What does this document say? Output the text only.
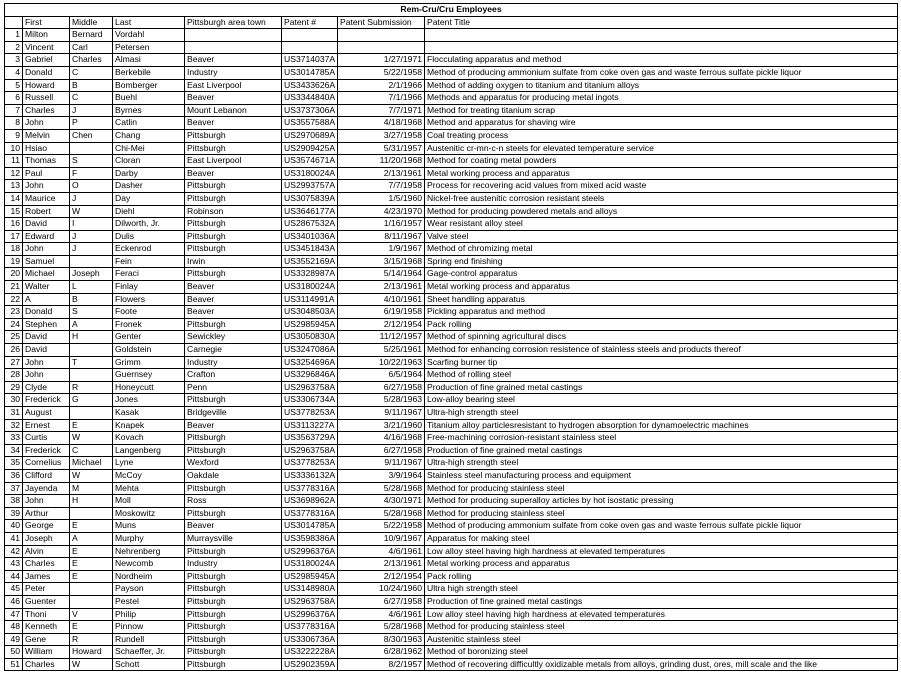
Rem-Cru/Cru Employees							
	First	Middle	Last	Pittsburgh area town	Patent #	Patent Submission	Patent Title
1	Milton	Bernard	Vordahl				
2	Vincent	Carl	Petersen				
3	Gabriel	Charles	Almasi	Beaver	US3714037A	1/27/1971	Flocculating apparatus and method
4	Donald	C	Berkebile	Industry	US3014785A	5/22/1958	Method of producing ammonium sulfate from coke oven gas and waste ferrous sulfate pickle liquor
5	Howard	B	Bomberger	East Liverpool	US3433626A	2/1/1966	Method of adding oxygen to titanium and titanium alloys
6	Russell	C	Buehl	Beaver	US3344840A	7/1/1966	Methods and apparatus for producing metal ingots
7	Charles	J	Byrnes	Mount Lebanon	US3737306A	7/7/1971	Method for treating titanium scrap
8	John	P	Catlin	Beaver	US3557588A	4/18/1968	Method and apparatus for shaving wire
9	Melvin	Chen	Chang	Pittsburgh	US2970689A	3/27/1958	Coal treating process
10	Hsiao		Chi-Mei	Pittsburgh	US2909425A	5/31/1957	Austenitic cr-mn-c-n steels for elevated temperature service
11	Thomas	S	Cloran	East Liverpool	US3574671A	11/20/1968	Method for coating metal powders
12	Paul	F	Darby	Beaver	US3180024A	2/13/1961	Metal working process and apparatus
13	John	O	Dasher	Pittsburgh	US2993757A	7/7/1958	Process for recovering acid values from mixed acid waste
14	Maurice	J	Day	Pittsburgh	US3075839A	1/5/1960	Nickel-free austenitic corrosion resistant steels
15	Robert	W	Diehl	Robinson	US3646177A	4/23/1970	Method for producing powdered metals and alloys
16	David	I	Dilworth, Jr.	Pittsburgh	US2867532A	1/16/1957	Wear resistant alloy steel
17	Edward	J	Dulis	Pittsburgh	US3401036A	8/11/1967	Valve steel
18	John	J	Eckenrod	Pittsburgh	US3451843A	1/9/1967	Method of chromizing metal
19	Samuel		Fein	Irwin	US3552169A	3/15/1968	Spring end finishing
20	Michael	Joseph	Feraci	Pittsburgh	US3328987A	5/14/1964	Gage-control apparatus
21	Walter	L	Finlay	Beaver	US3180024A	2/13/1961	Metal working process and apparatus
22	A	B	Flowers	Beaver	US3114991A	4/10/1961	Sheet handling apparatus
23	Donald	S	Foote	Beaver	US3048503A	6/19/1958	Pickling apparatus and method
24	Stephen	A	Fronek	Pittsburgh	US2985945A	2/12/1954	Pack rolling
25	David	H	Genter	Sewickley	US3050830A	11/12/1957	Method of spinning agricultural discs
26	David		Goldstein	Carnegie	US3247086A	5/25/1961	Method for enhancing corrosion resistence of stainless steels and products thereof
27	John	T	Grimm	Industry	US3254696A	10/22/1963	Scarfing burner tip
28	John		Guernsey	Crafton	US3296846A	6/5/1964	Method of rolling steel
29	Clyde	R	Honeycutt	Penn	US2963758A	6/27/1958	Production of fine grained metal castings
30	Frederick	G	Jones	Pittsburgh	US3306734A	5/28/1963	Low-alloy bearing steel
31	August		Kasak	Bridgeville	US3778253A	9/11/1967	Ultra-high strength steel
32	Ernest	E	Knapek	Beaver	US3113227A	3/21/1960	Titanium alloy particlesresistant to hydrogen absorption for dynamoelectric machines
33	Curtis	W	Kovach	Pittsburgh	US3563729A	4/16/1968	Free-machining corrosion-resistant stainless steel
34	Frederick	C	Langenberg	Pittsburgh	US2963758A	6/27/1958	Production of fine grained metal castings
35	Cornelius	Michael	Lyne	Wexford	US3778253A	9/11/1967	Ultra-high strength steel
36	Clifford	W	McCoy	Oakdale	US3336132A	3/9/1964	Stainless steel manufacturing process and equipment
37	Jayenda	M	Mehta	Pittsburgh	US3778316A	5/28/1968	Method for producing stainless steel
38	John	H	Moll	Ross	US3698962A	4/30/1971	Method for producing superalloy articles by hot isostatic pressing
39	Arthur		Moskowitz	Pittsburgh	US3778316A	5/28/1968	Method for producing stainless steel
40	George	E	Muns	Beaver	US3014785A	5/22/1958	Method of producing ammonium sulfate from coke oven gas and waste ferrous sulfate pickle liquor
41	Joseph	A	Murphy	Murraysville	US3598386A	10/9/1967	Apparatus for making steel
42	Alvin	E	Nehrenberg	Pittsburgh	US2996376A	4/6/1961	Low alloy steel having high hardness at elevated temperatures
43	Charles	E	Newcomb	Industry	US3180024A	2/13/1961	Metal working process and apparatus
44	James	E	Nordheim	Pittsburgh	US2985945A	2/12/1954	Pack rolling
45	Peter		Payson	Pittsburgh	US3148980A	10/24/1960	Ultra high strength steel
46	Guenter		Pestel	Pittsburgh	US2963758A	6/27/1958	Production of fine grained metal castings
47	Thoni	V	Philip	Pittsburgh	US2996376A	4/6/1961	Low alloy steel having high hardness at elevated temperatures
48	Kenneth	E	Pinnow	Pittsburgh	US3778316A	5/28/1968	Method for producing stainless steel
49	Gene	R	Rundell	Pittsburgh	US3306736A	8/30/1963	Austenitic stainless steel
50	William	Howard	Schaeffer, Jr.	Pittsburgh	US3222228A	6/28/1962	Method of boronizing steel
51	Charles	W	Schott	Pittsburgh	US2902359A	8/2/1957	Method of recovering difficultly oxidizable metals from alloys, grinding dust, ores, mill scale and the like
